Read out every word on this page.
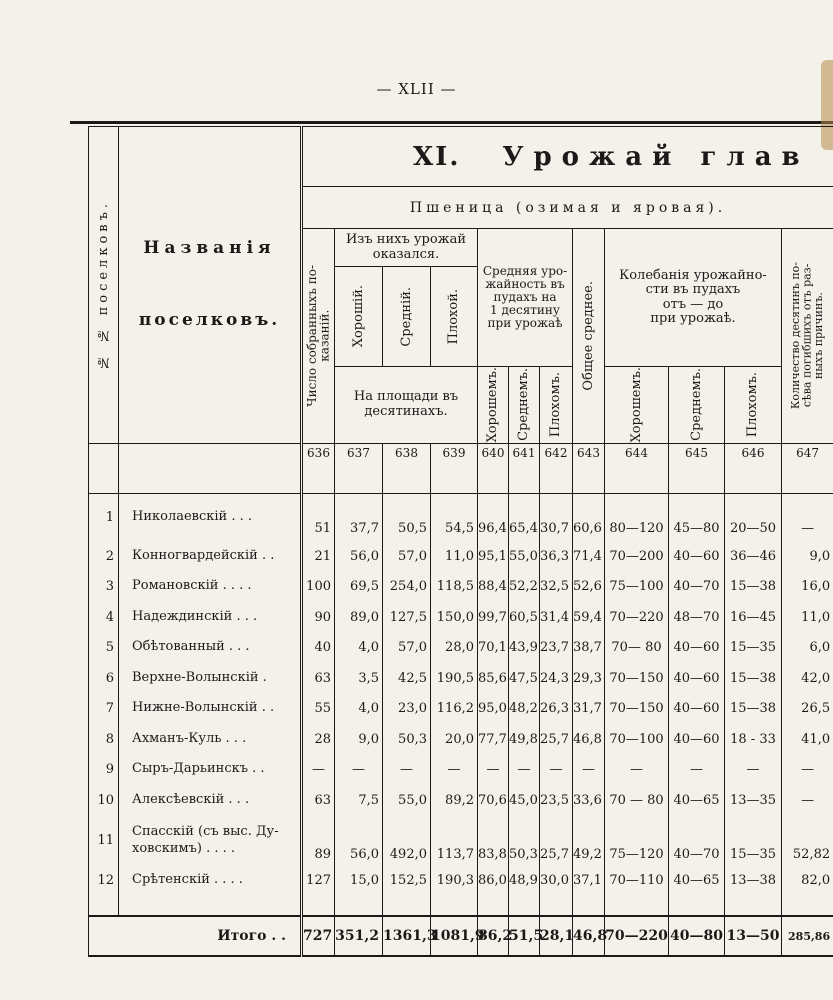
— XLII —
№ № поселковъ.	Названія
поселковъ.	XI. Урожай глав											
		Пшеница (озимая и яровая).											

		Число собранныхъ по-
казаній.	Изъ нихъ урожай
оказался.			Средняя уро-
жайность въ
пудахъ на
1 десятину
при урожаѣ			Общее среднее.	Колебанія урожайно-
сти въ пудахъ
отъ — до
при урожаѣ.			Количество десятинъ по-
сѣва погибшихъ отъ раз-
ныхъ причинъ.

			Хорошій.	Средній.	Плохой.								

			На площади въ
десятинахъ.			Хорошемъ.	Среднемъ.	Плохомъ.		Хорошемъ.	Среднемъ.	Плохомъ.	

		636	637	638	639	640	641	642	643	644	645	646	647
1	Николаевскій . . .	51	37,7	50,5	54,5	96,4	65,4	30,7	60,6	80—120	45—80	20—50	—
2	Конногвардейскій . .	21	56,0	57,0	11,0	95,1	55,0	36,3	71,4	70—200	40—60	36—46	9,0
3	Романовскій . . . .	100	69,5	254,0	118,5	88,4	52,2	32,5	52,6	75—100	40—70	15—38	16,0
4	Надеждинскій . . .	90	89,0	127,5	150,0	99,7	60,5	31,4	59,4	70—220	48—70	16—45	11,0
5	Обѣтованный . . .	40	4,0	57,0	28,0	70,1	43,9	23,7	38,7	70— 80	40—60	15—35	6,0
6	Верхне-Волынскій .	63	3,5	42,5	190,5	85,6	47,5	24,3	29,3	70—150	40—60	15—38	42,0
7	Нижне-Волынскій . .	55	4,0	23,0	116,2	95,0	48,2	26,3	31,7	70—150	40—60	15—38	26,5
8	Ахманъ-Куль . . .	28	9,0	50,3	20,0	77,7	49,8	25,7	46,8	70—100	40—60	18 - 33	41,0
9	Сыръ-Дарьинскъ . .	—	—	—	—	—	—	—	—	—	—	—	—
10	Алексѣевскій . . .	63	7,5	55,0	89,2	70,6	45,0	23,5	33,6	70 — 80	40—65	13—35	—
11	Спасскій (съ выс. Ду-
ховскимъ) . . . .	89	56,0	492,0	113,7	83,8	50,3	25,7	49,2	75—120	40—70	15—35	52,82
12	Срѣтенскій . . . .	127	15,0	152,5	190,3	86,0	48,9	30,0	37,1	70—110	40—65	13—38	82,0

Итого . .		727	351,2	1361,3	1081,9	86,2	51,5	28,1	46,8	70—220	40—80	13—50	285,86
